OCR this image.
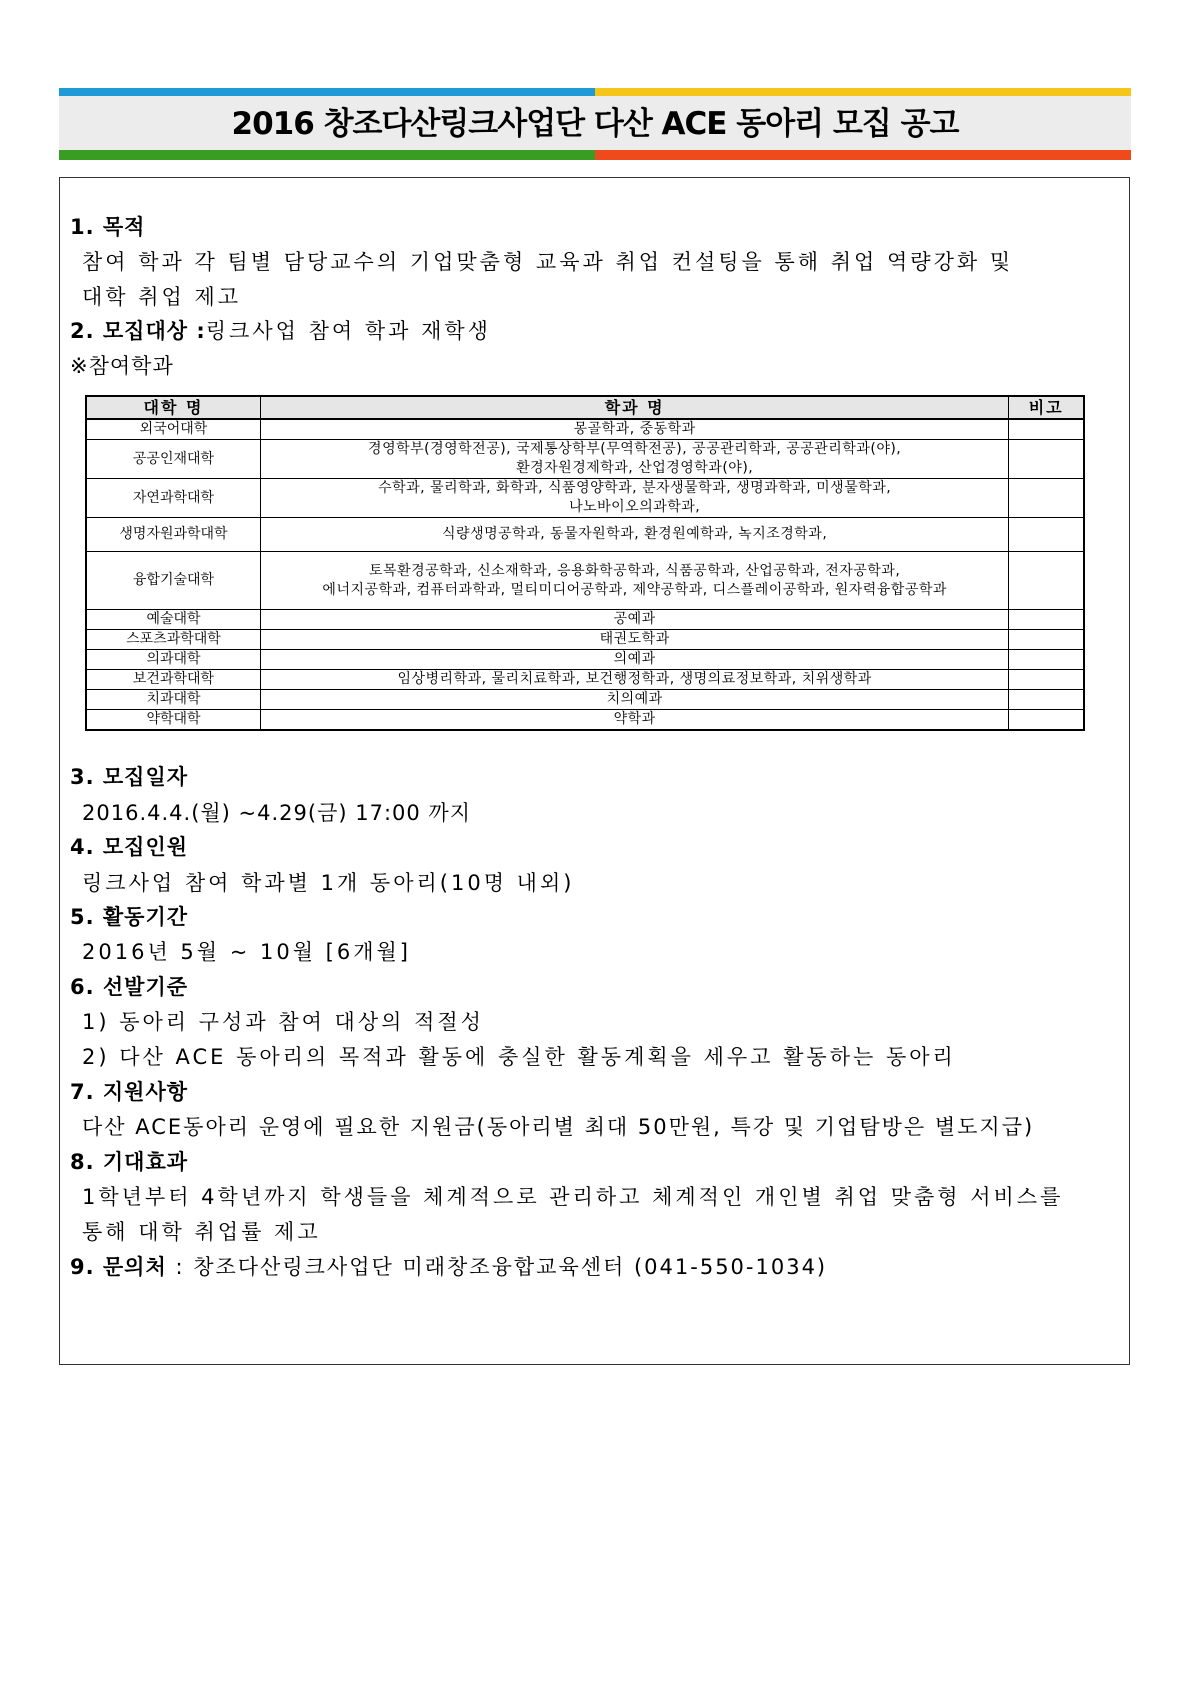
2016 창조다산링크사업단 다산 ACE 동아리 모집 공고
1. 목적
참여 학과 각 팀별 담당교수의 기업맞춤형 교육과 취업 컨설팅을 통해 취업 역량강화 및
대학 취업 제고
2. 모집대상 :링크사업 참여 학과 재학생
※참여학과
대학 명	학과 명	비고
외국어대학	몽골학과, 중동학과	

공공인재대학	경영학부(경영학전공), 국제통상학부(무역학전공), 공공관리학과, 공공관리학과(야),
환경자원경제학과, 산업경영학과(야),	

자연과학대학	수학과, 물리학과, 화학과, 식품영양학과, 분자생물학과, 생명과학과, 미생물학과,
나노바이오의과학과,	

생명자원과학대학	식량생명공학과, 동물자원학과, 환경원예학과, 녹지조경학과,	

융합기술대학	토목환경공학과, 신소재학과, 응용화학공학과, 식품공학과, 산업공학과, 전자공학과,
에너지공학과, 컴퓨터과학과, 멀티미디어공학과, 제약공학과, 디스플레이공학과, 원자력융합공학과	

예술대학	공예과	

스포츠과학대학	태권도학과	

의과대학	의예과	

보건과학대학	임상병리학과, 물리치료학과, 보건행정학과, 생명의료정보학과, 치위생학과	

치과대학	치의예과	

약학대학	약학과	

3. 모집일자
2016.4.4.(월) ~4.29(금) 17:00 까지
4. 모집인원
링크사업 참여 학과별 1개 동아리(10명 내외)
5. 활동기간
2016년 5월 ~ 10월 [6개월]
6. 선발기준
1) 동아리 구성과 참여 대상의 적절성
2) 다산 ACE 동아리의 목적과 활동에 충실한 활동계획을 세우고 활동하는 동아리
7. 지원사항
다산 ACE동아리 운영에 필요한 지원금(동아리별 최대 50만원, 특강 및 기업탐방은 별도지급)
8. 기대효과
1학년부터 4학년까지 학생들을 체계적으로 관리하고 체계적인 개인별 취업 맞춤형 서비스를
통해 대학 취업률 제고
9. 문의처 : 창조다산링크사업단 미래창조융합교육센터 (041-550-1034)
